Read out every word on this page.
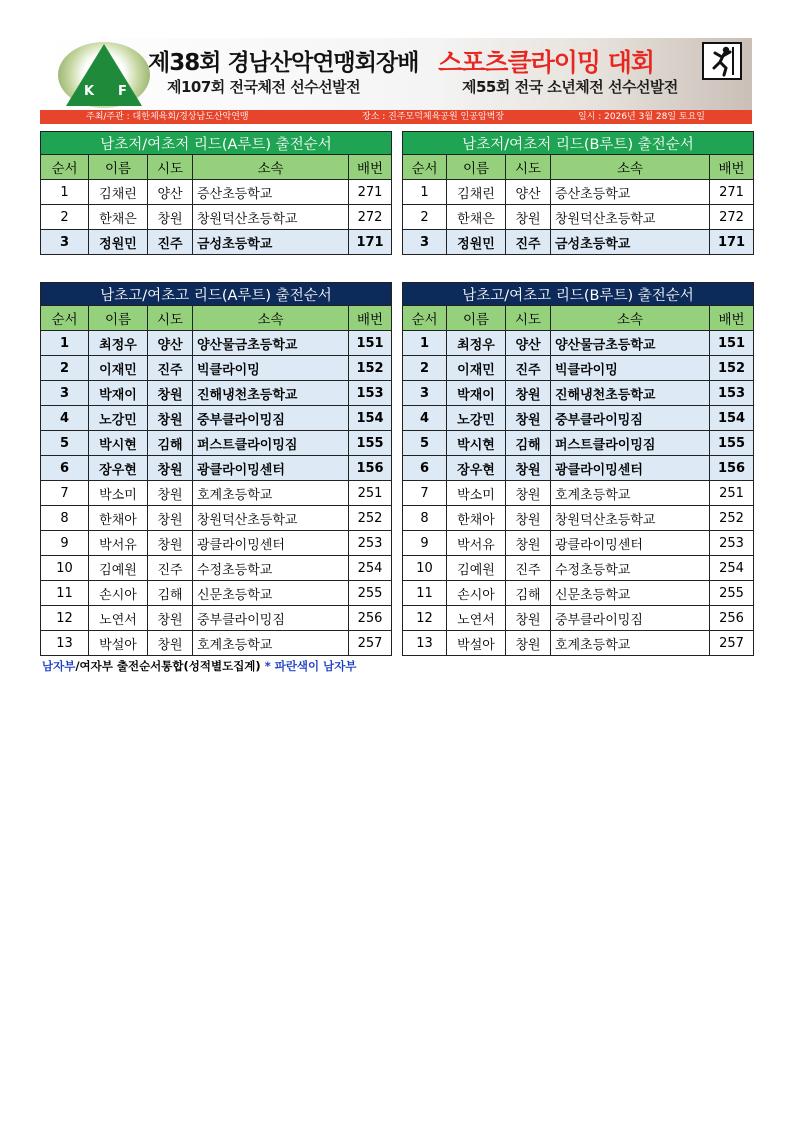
K F
제38회 경남산악연맹회장배 스포츠클라이밍 대회
제107회 전국체전 선수선발전	제55회 전국 소년체전 선수선발전
주최/주관 : 대한체육회/경상남도산악연맹	장소 : 진주모덕체육공원 인공암벽장	일시 : 2026년 3월 28일 토요일
남초저/여초저 리드(A루트) 출전순서				
순서	이름	시도	소속	배번
1	김채린	양산	증산초등학교	271
2	한채은	창원	창원덕산초등학교	272
3	정원민	진주	금성초등학교	171
남초저/여초저 리드(B루트) 출전순서				
순서	이름	시도	소속	배번
1	김채린	양산	증산초등학교	271
2	한채은	창원	창원덕산초등학교	272
3	정원민	진주	금성초등학교	171
남초고/여초고 리드(A루트) 출전순서				
순서	이름	시도	소속	배번
1	최정우	양산	양산물금초등학교	151
2	이재민	진주	빅클라이밍	152
3	박재이	창원	진해냉천초등학교	153
4	노강민	창원	중부클라이밍짐	154
5	박시현	김해	퍼스트클라이밍짐	155
6	장우현	창원	광클라이밍센터	156
7	박소미	창원	호계초등학교	251
8	한채아	창원	창원덕산초등학교	252
9	박서유	창원	광클라이밍센터	253
10	김예원	진주	수정초등학교	254
11	손시아	김해	신문초등학교	255
12	노연서	창원	중부클라이밍짐	256
13	박설아	창원	호계초등학교	257
남초고/여초고 리드(B루트) 출전순서				
순서	이름	시도	소속	배번
1	최정우	양산	양산물금초등학교	151
2	이재민	진주	빅클라이밍	152
3	박재이	창원	진해냉천초등학교	153
4	노강민	창원	중부클라이밍짐	154
5	박시현	김해	퍼스트클라이밍짐	155
6	장우현	창원	광클라이밍센터	156
7	박소미	창원	호계초등학교	251
8	한채아	창원	창원덕산초등학교	252
9	박서유	창원	광클라이밍센터	253
10	김예원	진주	수정초등학교	254
11	손시아	김해	신문초등학교	255
12	노연서	창원	중부클라이밍짐	256
13	박설아	창원	호계초등학교	257
남자부/여자부 출전순서통합(성적별도집계) * 파란색이 남자부
